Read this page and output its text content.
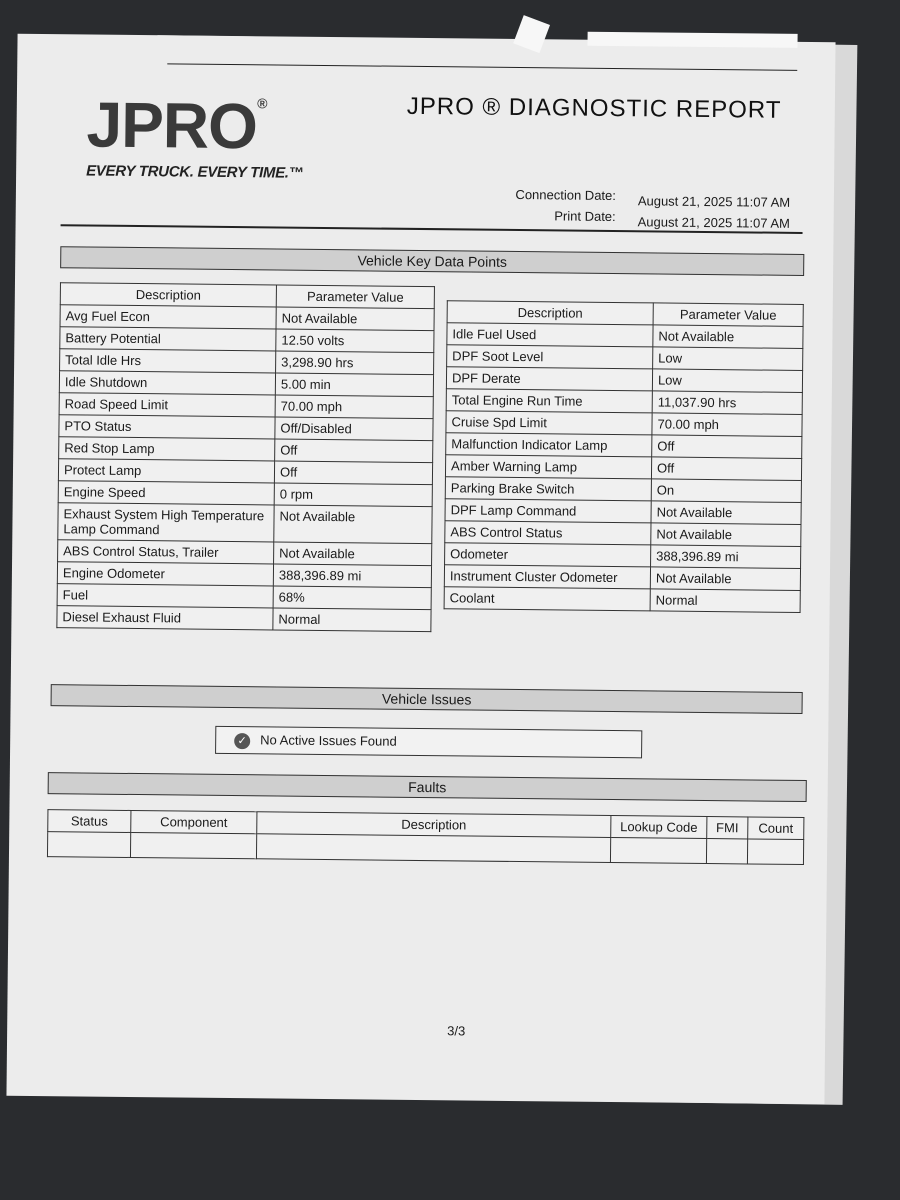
JPRO®
EVERY TRUCK. EVERY TIME.™
JPRO ® DIAGNOSTIC REPORT
Connection Date:
Print Date:
August 21, 2025 11:07 AM
August 21, 2025 11:07 AM
Vehicle Key Data Points
Description	Parameter Value
Avg Fuel Econ	Not Available
Battery Potential	12.50 volts
Total Idle Hrs	3,298.90 hrs
Idle Shutdown	5.00 min
Road Speed Limit	70.00 mph
PTO Status	Off/Disabled
Red Stop Lamp	Off
Protect Lamp	Off
Engine Speed	0 rpm
Exhaust System High Temperature Lamp Command	Not Available
ABS Control Status, Trailer	Not Available
Engine Odometer	388,396.89 mi
Fuel	68%
Diesel Exhaust Fluid	Normal
Description	Parameter Value
Idle Fuel Used	Not Available
DPF Soot Level	Low
DPF Derate	Low
Total Engine Run Time	11,037.90 hrs
Cruise Spd Limit	70.00 mph
Malfunction Indicator Lamp	Off
Amber Warning Lamp	Off
Parking Brake Switch	On
DPF Lamp Command	Not Available
ABS Control Status	Not Available
Odometer	388,396.89 mi
Instrument Cluster Odometer	Not Available
Coolant	Normal
Vehicle Issues
✓ No Active Issues Found
Faults
Status	Component	Description	Lookup Code	FMI	Count

3/3
